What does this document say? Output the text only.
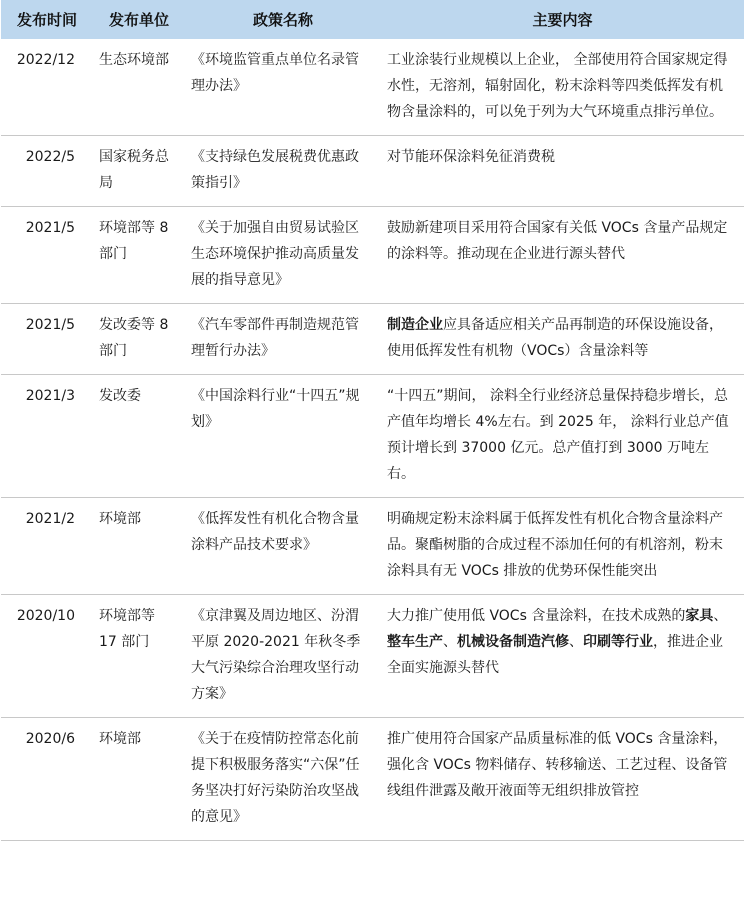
发布时间	发布单位	政策名称	主要内容
2022/12	生态环境部	《环境监管重点单位名录管理办法》	工业涂装行业规模以上企业， 全部使用符合国家规定得水性，无溶剂，辐射固化，粉末涂料等四类低挥发有机物含量涂料的，可以免于列为大气环境重点排污单位。
2022/5	国家税务总局	《支持绿色发展税费优惠政策指引》	对节能环保涂料免征消费税
2021/5	环境部等 8 部门	《关于加强自由贸易试验区生态环境保护推动高质量发展的指导意见》	鼓励新建项目采用符合国家有关低 VOCs 含量产品规定的涂料等。推动现在企业进行源头替代
2021/5	发改委等 8 部门	《汽车零部件再制造规范管理暂行办法》	制造企业应具备适应相关产品再制造的环保设施设备，使用低挥发性有机物（VOCs）含量涂料等
2021/3	发改委	《中国涂料行业“十四五”规划》	“十四五”期间， 涂料全行业经济总量保持稳步增长，总产值年均增长 4%左右。到 2025 年， 涂料行业总产值预计增长到 37000 亿元。总产值打到 3000 万吨左右。
2021/2	环境部	《低挥发性有机化合物含量涂料产品技术要求》	明确规定粉末涂料属于低挥发性有机化合物含量涂料产品。聚酯树脂的合成过程不添加任何的有机溶剂，粉末涂料具有无 VOCs 排放的优势环保性能突出
2020/10	环境部等 17 部门	《京津翼及周边地区、汾渭平原 2020-2021 年秋冬季大气污染综合治理攻坚行动方案》	大力推广使用低 VOCs 含量涂料，在技术成熟的家具、整车生产、机械设备制造汽修、印刷等行业，推进企业全面实施源头替代
2020/6	环境部	《关于在疫情防控常态化前提下积极服务落实“六保”任务坚决打好污染防治攻坚战的意见》	推广使用符合国家产品质量标准的低 VOCs 含量涂料，强化含 VOCs 物料储存、转移输送、工艺过程、设备管线组件泄露及敞开液面等无组织排放管控
